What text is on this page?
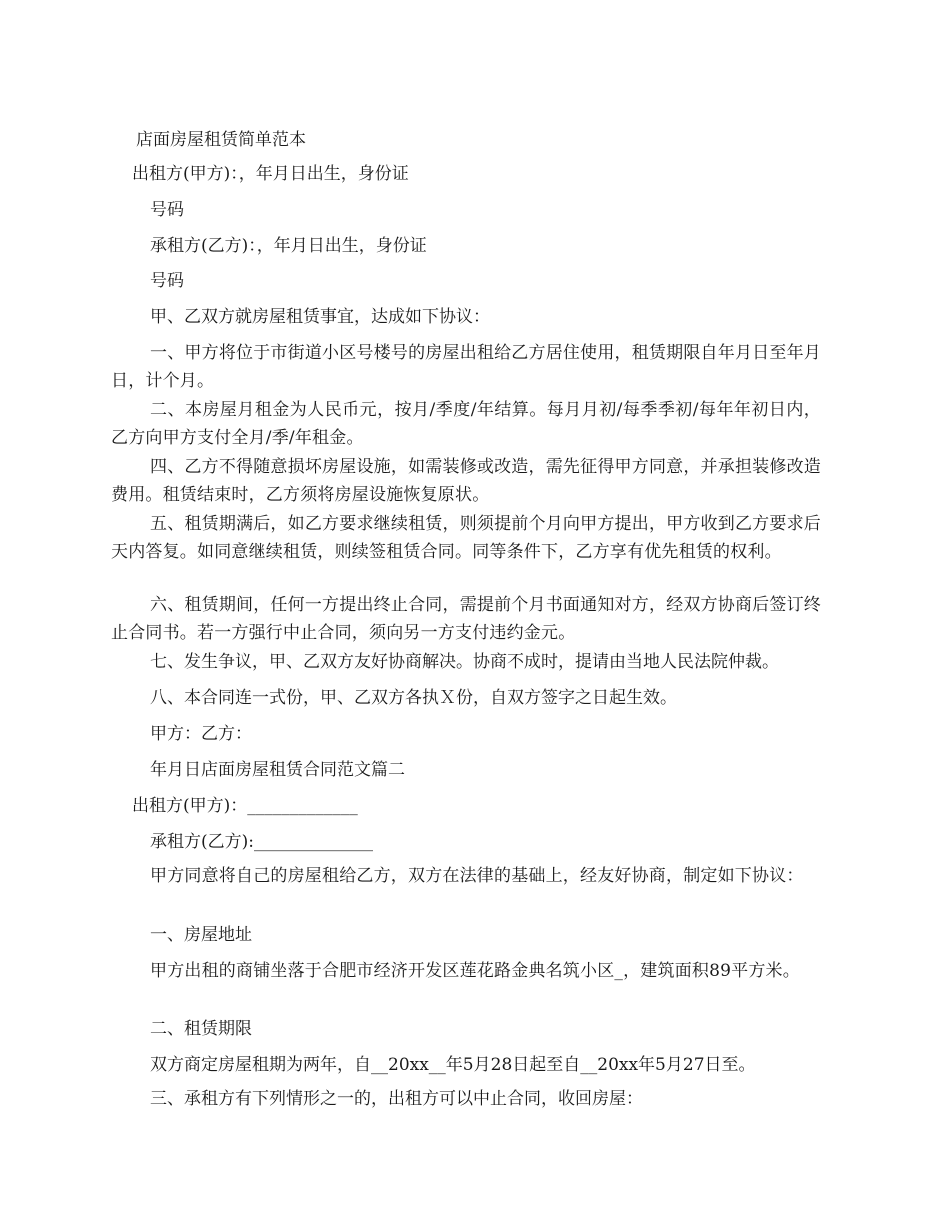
店面房屋租赁简单范本
出租方(甲方)：，年月日出生，身份证
号码
承租方(乙方)：，年月日出生，身份证
号码
甲、乙双方就房屋租赁事宜，达成如下协议：
一、甲方将位于市街道小区号楼号的房屋出租给乙方居住使用，租赁期限自年月日至年月日，计个月。
二、本房屋月租金为人民币元，按月/季度/年结算。每月月初/每季季初/每年年初日内，乙方向甲方支付全月/季/年租金。
四、乙方不得随意损坏房屋设施，如需装修或改造，需先征得甲方同意，并承担装修改造费用。租赁结束时，乙方须将房屋设施恢复原状。
五、租赁期满后，如乙方要求继续租赁，则须提前个月向甲方提出，甲方收到乙方要求后天内答复。如同意继续租赁，则续签租赁合同。同等条件下，乙方享有优先租赁的权利。
六、租赁期间，任何一方提出终止合同，需提前个月书面通知对方，经双方协商后签订终止合同书。若一方强行中止合同，须向另一方支付违约金元。
七、发生争议，甲、乙双方友好协商解决。协商不成时，提请由当地人民法院仲裁。
八、本合同连一式份，甲、乙双方各执Ｘ份，自双方签字之日起生效。
甲方：乙方：
年月日店面房屋租赁合同范文篇二
出租方(甲方)：_____________
承租方(乙方):______________
甲方同意将自己的房屋租给乙方，双方在法律的基础上，经友好协商，制定如下协议：
一、房屋地址
甲方出租的商铺坐落于合肥市经济开发区莲花路金典名筑小区_，建筑面积89平方米。
二、租赁期限
双方商定房屋租期为两年，自__20xx__年5月28日起至自__20xx年5月27日至。
三、承租方有下列情形之一的，出租方可以中止合同，收回房屋：
